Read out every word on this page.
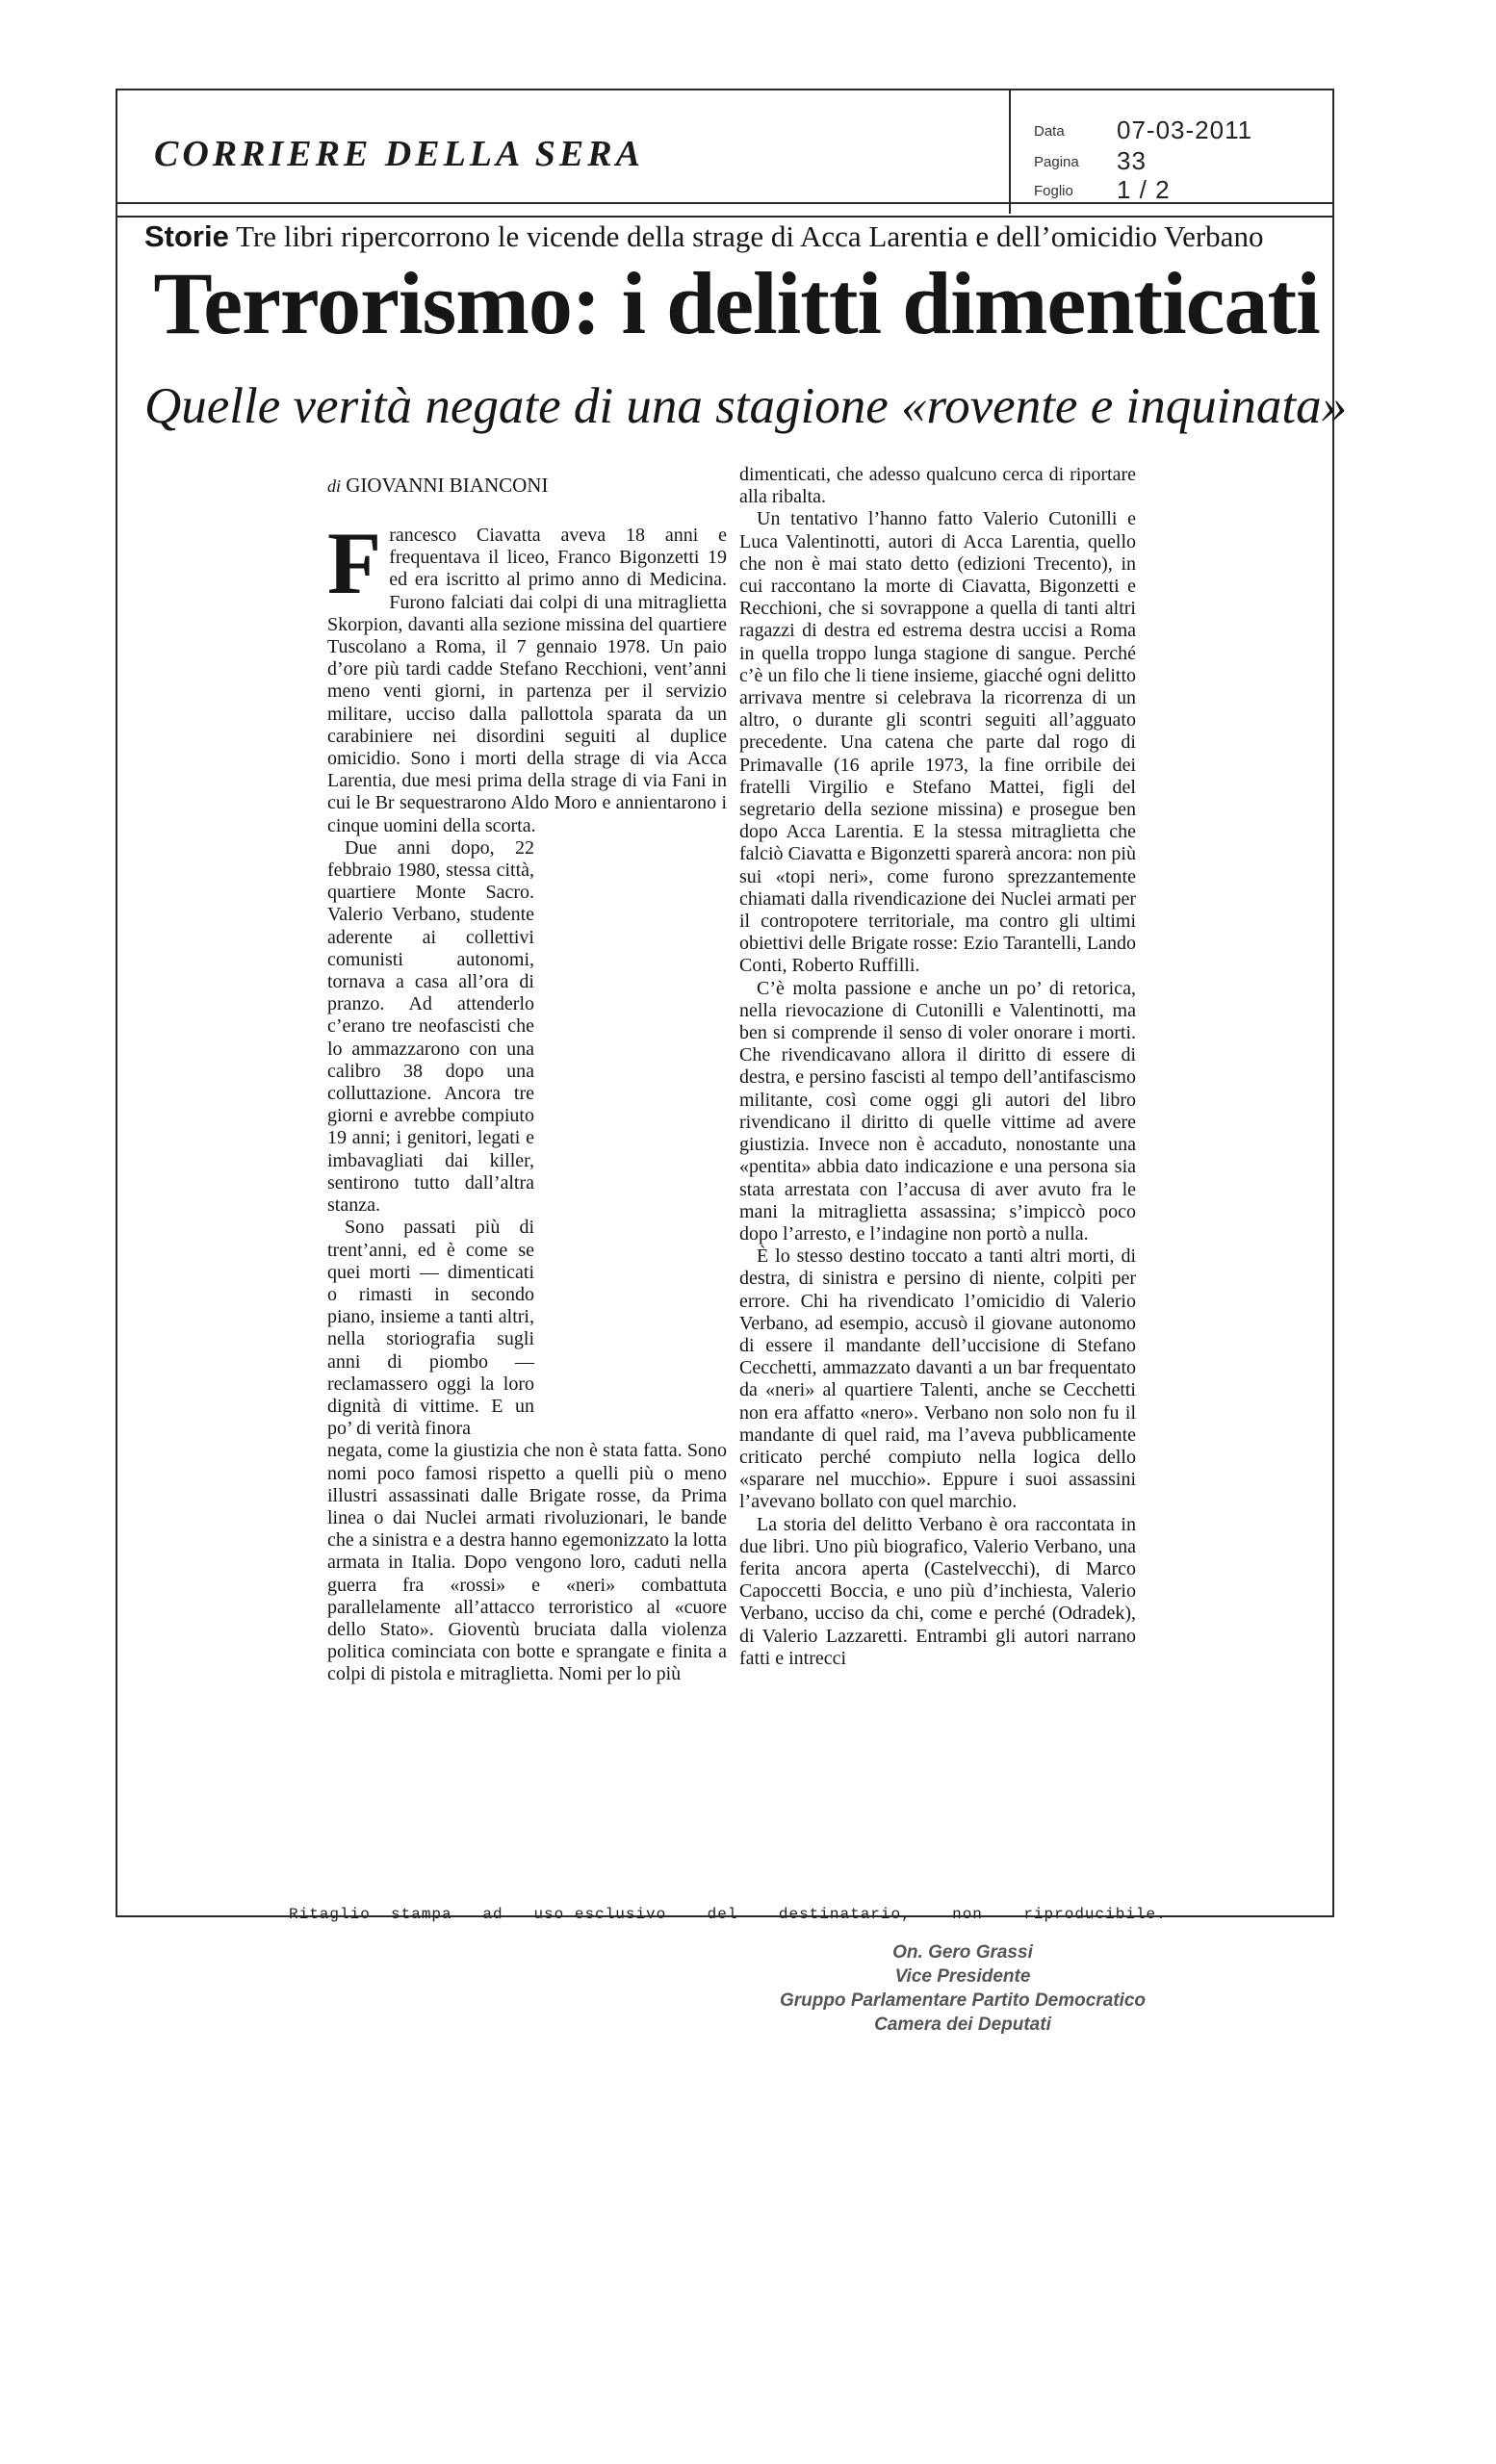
CORRIERE DELLA SERA
Data 07-03-2011
Pagina 33
Foglio 1 / 2
Storie Tre libri ripercorrono le vicende della strage di Acca Larentia e dell’omicidio Verbano
Terrorismo: i delitti dimenticati
Quelle verità negate di una stagione «rovente e inquinata»
di GIOVANNI BIANCONI

Francesco Ciavatta aveva 18 anni e frequentava il liceo, Franco Bigonzetti 19 ed era iscritto al primo anno di Medicina. Furono falciati dai colpi di una mitraglietta Skorpion, davanti alla sezione missina del quartiere Tuscolano a Roma, il 7 gennaio 1978. Un paio d’ore più tardi cadde Stefano Recchioni, vent’anni meno venti giorni, in partenza per il servizio militare, ucciso dalla pallottola sparata da un carabiniere nei disordini seguiti al duplice omicidio. Sono i morti della strage di via Acca Larentia, due mesi prima della strage di via Fani in cui le Br sequestrarono Aldo Moro e annientarono i cinque uomini della scorta.

Due anni dopo, 22 febbraio 1980, stessa città, quartiere Monte Sacro. Valerio Verbano, studente aderente ai collettivi comunisti autonomi, tornava a casa all’ora di pranzo. Ad attenderlo c’erano tre neofascisti che lo ammazzarono con una calibro 38 dopo una colluttazione. Ancora tre giorni e avrebbe compiuto 19 anni; i genitori, legati e imbavagliati dai killer, sentirono tutto dall’altra stanza.

Sono passati più di trent’anni, ed è come se quei morti — dimenticati o rimasti in secondo piano, insieme a tanti altri, nella storiografia sugli anni di piombo — reclamassero oggi la loro dignità di vittime. E un po’ di verità finora

negata, come la giustizia che non è stata fatta. Sono nomi poco famosi rispetto a quelli più o meno illustri assassinati dalle Brigate rosse, da Prima linea o dai Nuclei armati rivoluzionari, le bande che a sinistra e a destra hanno egemonizzato la lotta armata in Italia. Dopo vengono loro, caduti nella guerra fra «rossi» e «neri» combattuta parallelamente all’attacco terroristico al «cuore dello Stato». Gioventù bruciata dalla violenza politica cominciata con botte e sprangate e finita a colpi di pistola e mitraglietta. Nomi per lo più

dimenticati, che adesso qualcuno cerca di riportare alla ribalta.

Un tentativo l’hanno fatto Valerio Cutonilli e Luca Valentinotti, autori di Acca Larentia, quello che non è mai stato detto (edizioni Trecento), in cui raccontano la morte di Ciavatta, Bigonzetti e Recchioni, che si sovrappone a quella di tanti altri ragazzi di destra ed estrema destra uccisi a Roma in quella troppo lunga stagione di sangue. Perché c’è un filo che li tiene insieme, giacché ogni delitto arrivava mentre si celebrava la ricorrenza di un altro, o durante gli scontri seguiti all’agguato precedente. Una catena che parte dal rogo di Primavalle (16 aprile 1973, la fine orribile dei fratelli Virgilio e Stefano Mattei, figli del segretario della sezione missina) e prosegue ben dopo Acca Larentia. E la stessa mitraglietta che falciò Ciavatta e Bigonzetti sparerà ancora: non più sui «topi neri», come furono sprezzantemente chiamati dalla rivendicazione dei Nuclei armati per il contropotere territoriale, ma contro gli ultimi obiettivi delle Brigate rosse: Ezio Tarantelli, Lando Conti, Roberto Ruffilli.

C’è molta passione e anche un po’ di retorica, nella rievocazione di Cutonilli e Valentinotti, ma ben si comprende il senso di voler onorare i morti. Che rivendicavano allora il diritto di essere di destra, e persino fascisti al tempo dell’antifascismo militante, così come oggi gli autori del libro rivendicano il diritto di quelle vittime ad avere giustizia. Invece non è accaduto, nonostante una «pentita» abbia dato indicazione e una persona sia stata arrestata con l’accusa di aver avuto fra le mani la mitraglietta assassina; s’impiccò poco dopo l’arresto, e l’indagine non portò a nulla.

È lo stesso destino toccato a tanti altri morti, di destra, di sinistra e persino di niente, colpiti per errore. Chi ha rivendicato l’omicidio di Valerio Verbano, ad esempio, accusò il giovane autonomo di essere il mandante dell’uccisione di Stefano Cecchetti, ammazzato davanti a un bar frequentato da «neri» al quartiere Talenti, anche se Cecchetti non era affatto «nero». Verbano non solo non fu il mandante di quel raid, ma l’aveva pubblicamente criticato perché compiuto nella logica dello «sparare nel mucchio». Eppure i suoi assassini l’avevano bollato con quel marchio.

La storia del delitto Verbano è ora raccontata in due libri. Uno più biografico, Valerio Verbano, una ferita ancora aperta (Castelvecchi), di Marco Capoccetti Boccia, e uno più d’inchiesta, Valerio Verbano, ucciso da chi, come e perché (Odradek), di Valerio Lazzaretti. Entrambi gli autori narrano fatti e intrecci

Ritaglio  stampa   ad   uso esclusivo    del    destinatario,    non    riproducibile.
On. Gero Grassi
Vice Presidente
Gruppo Parlamentare Partito Democratico
Camera dei Deputati
